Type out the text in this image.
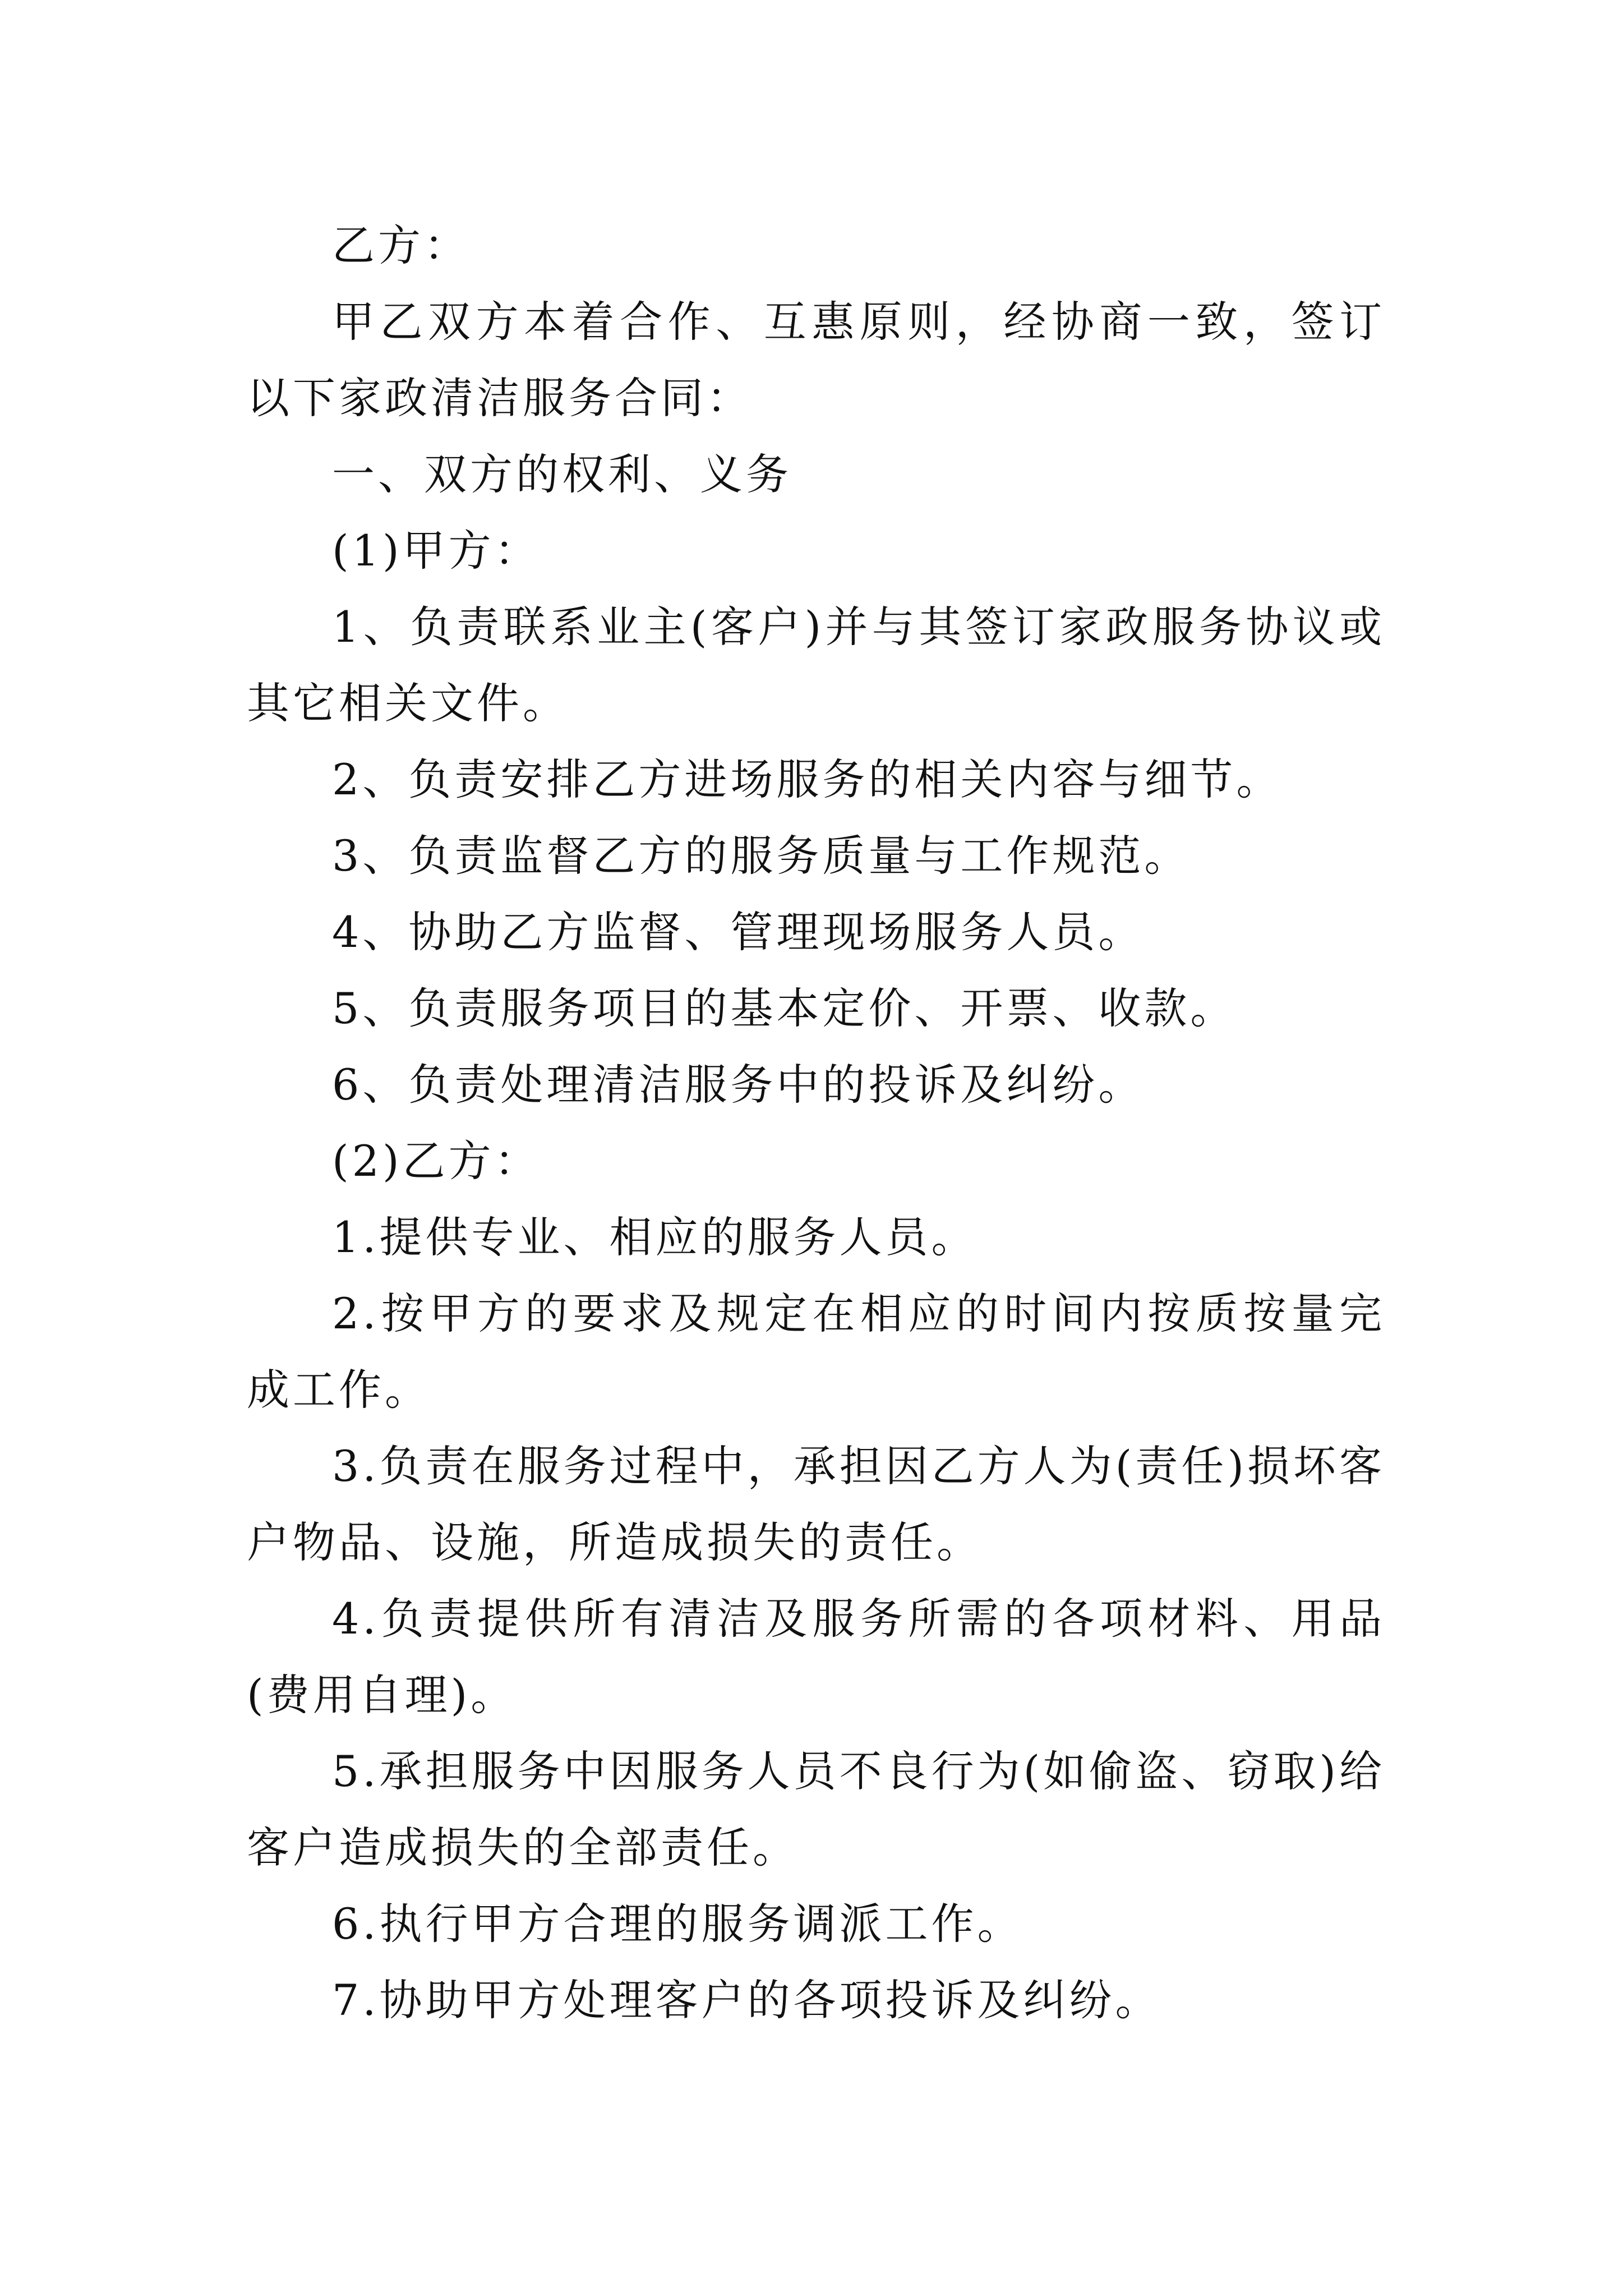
乙方：

甲乙双方本着合作、互惠原则，经协商一致，签订以下家政清洁服务合同：

一、双方的权利、义务

(1)甲方：

1、负责联系业主(客户)并与其签订家政服务协议或其它相关文件。

2、负责安排乙方进场服务的相关内容与细节。

3、负责监督乙方的服务质量与工作规范。

4、协助乙方监督、管理现场服务人员。

5、负责服务项目的基本定价、开票、收款。

6、负责处理清洁服务中的投诉及纠纷。

(2)乙方：

1.提供专业、相应的服务人员。

2.按甲方的要求及规定在相应的时间内按质按量完成工作。

3.负责在服务过程中，承担因乙方人为(责任)损坏客户物品、设施，所造成损失的责任。

4.负责提供所有清洁及服务所需的各项材料、用品(费用自理)。

5.承担服务中因服务人员不良行为(如偷盗、窃取)给客户造成损失的全部责任。

6.执行甲方合理的服务调派工作。

7.协助甲方处理客户的各项投诉及纠纷。
